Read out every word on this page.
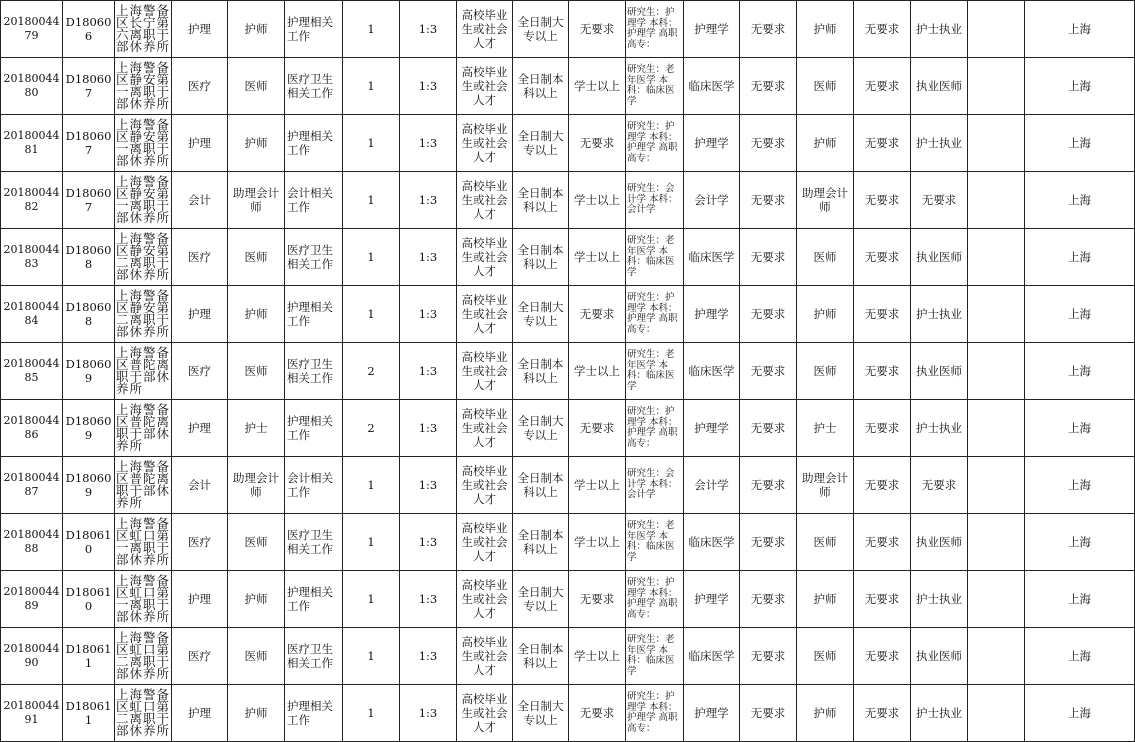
2018004479	D180606	上海警备区长宁第六离职干部休养所	护理	护师	护理相关工作	1	1:3	高校毕业生或社会人才	全日制大专以上	无要求	研究生：护理学 本科：护理学 高职高专：	护理学	无要求	护师	无要求	护士执业		上海
2018004480	D180607	上海警备区静安第一离职干部休养所	医疗	医师	医疗卫生相关工作	1	1:3	高校毕业生或社会人才	全日制本科以上	学士以上	研究生：老年医学 本科：临床医学	临床医学	无要求	医师	无要求	执业医师		上海
2018004481	D180607	上海警备区静安第一离职干部休养所	护理	护师	护理相关工作	1	1:3	高校毕业生或社会人才	全日制大专以上	无要求	研究生：护理学 本科：护理学 高职高专：	护理学	无要求	护师	无要求	护士执业		上海
2018004482	D180607	上海警备区静安第一离职干部休养所	会计	助理会计师	会计相关工作	1	1:3	高校毕业生或社会人才	全日制本科以上	学士以上	研究生：会计学 本科：会计学	会计学	无要求	助理会计师	无要求	无要求		上海
2018004483	D180608	上海警备区静安第二离职干部休养所	医疗	医师	医疗卫生相关工作	1	1:3	高校毕业生或社会人才	全日制本科以上	学士以上	研究生：老年医学 本科：临床医学	临床医学	无要求	医师	无要求	执业医师		上海
2018004484	D180608	上海警备区静安第二离职干部休养所	护理	护师	护理相关工作	1	1:3	高校毕业生或社会人才	全日制大专以上	无要求	研究生：护理学 本科：护理学 高职高专：	护理学	无要求	护师	无要求	护士执业		上海
2018004485	D180609	上海警备区普陀离职干部休养所	医疗	医师	医疗卫生相关工作	2	1:3	高校毕业生或社会人才	全日制本科以上	学士以上	研究生：老年医学 本科：临床医学	临床医学	无要求	医师	无要求	执业医师		上海
2018004486	D180609	上海警备区普陀离职干部休养所	护理	护士	护理相关工作	2	1:3	高校毕业生或社会人才	全日制大专以上	无要求	研究生：护理学 本科：护理学 高职高专：	护理学	无要求	护士	无要求	护士执业		上海
2018004487	D180609	上海警备区普陀离职干部休养所	会计	助理会计师	会计相关工作	1	1:3	高校毕业生或社会人才	全日制本科以上	学士以上	研究生：会计学 本科：会计学	会计学	无要求	助理会计师	无要求	无要求		上海
2018004488	D180610	上海警备区虹口第一离职干部休养所	医疗	医师	医疗卫生相关工作	1	1:3	高校毕业生或社会人才	全日制本科以上	学士以上	研究生：老年医学 本科：临床医学	临床医学	无要求	医师	无要求	执业医师		上海
2018004489	D180610	上海警备区虹口第一离职干部休养所	护理	护师	护理相关工作	1	1:3	高校毕业生或社会人才	全日制大专以上	无要求	研究生：护理学 本科：护理学 高职高专：	护理学	无要求	护师	无要求	护士执业		上海
2018004490	D180611	上海警备区虹口第二离职干部休养所	医疗	医师	医疗卫生相关工作	1	1:3	高校毕业生或社会人才	全日制本科以上	学士以上	研究生：老年医学 本科：临床医学	临床医学	无要求	医师	无要求	执业医师		上海
2018004491	D180611	上海警备区虹口第二离职干部休养所	护理	护师	护理相关工作	1	1:3	高校毕业生或社会人才	全日制大专以上	无要求	研究生：护理学 本科：护理学 高职高专：	护理学	无要求	护师	无要求	护士执业		上海
